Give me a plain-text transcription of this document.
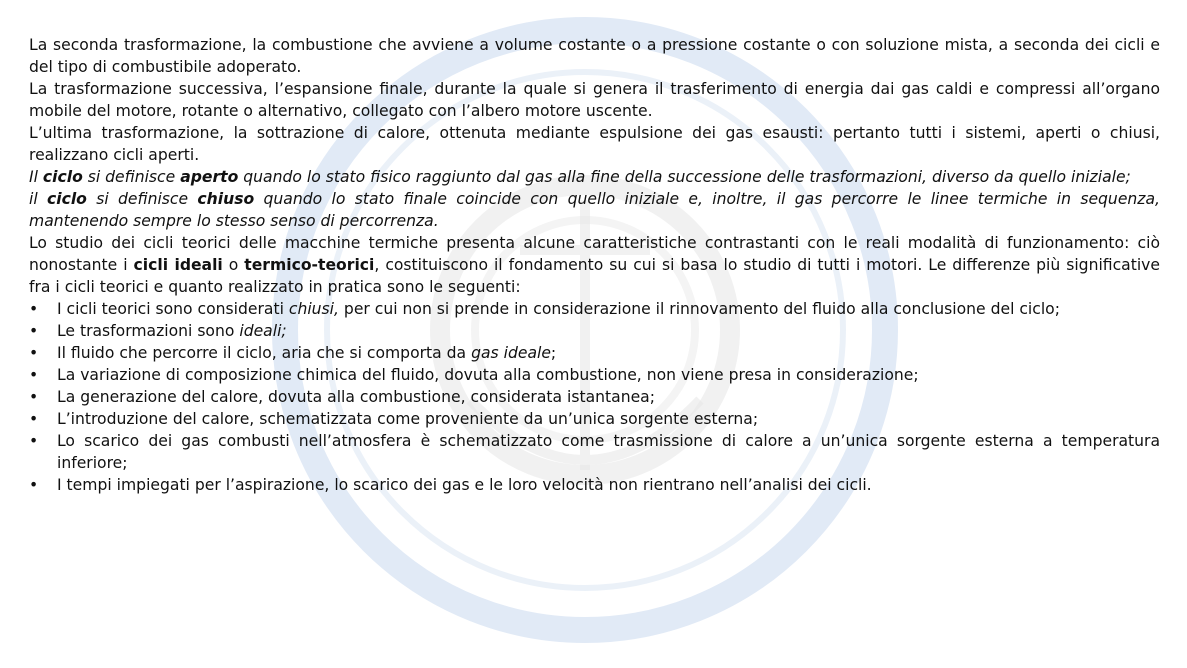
La seconda trasformazione, la combustione che avviene a volume costante o a pressione costante o con soluzione mista, a seconda dei cicli e del tipo di combustibile adoperato.

La trasformazione successiva, l’espansione finale, durante la quale si genera il trasferimento di energia dai gas caldi e compressi all’organo mobile del motore, rotante o alternativo, collegato con l’albero motore uscente.

L’ultima trasformazione, la sottrazione di calore, ottenuta mediante espulsione dei gas esausti: pertanto tutti i sistemi, aperti o chiusi, realizzano cicli aperti.

Il ciclo si definisce aperto quando lo stato fisico raggiunto dal gas alla fine della successione delle trasformazioni, diverso da quello iniziale;

il ciclo si definisce chiuso quando lo stato finale coincide con quello iniziale e, inoltre, il gas percorre le linee termiche in sequenza, mantenendo sempre lo stesso senso di percorrenza.

Lo studio dei cicli teorici delle macchine termiche presenta alcune caratteristiche contrastanti con le reali modalità di funzionamento: ciò nonostante i cicli ideali o termico-teorici, costituiscono il fondamento su cui si basa lo studio di tutti i motori. Le differenze più significative fra i cicli teorici e quanto realizzato in pratica sono le seguenti:

•	I cicli teorici sono considerati chiusi, per cui non si prende in considerazione il rinnovamento del fluido alla conclusione del ciclo;
•	Le trasformazioni sono ideali;
•	Il fluido che percorre il ciclo, aria che si comporta da gas ideale;
•	La variazione di composizione chimica del fluido, dovuta alla combustione, non viene presa in considerazione;
•	La generazione del calore, dovuta alla combustione, considerata istantanea;
•	L’introduzione del calore, schematizzata come proveniente da un’unica sorgente esterna;
•	Lo scarico dei gas combusti nell’atmosfera è schematizzato come trasmissione di calore a un’unica sorgente esterna a temperatura inferiore;
•	I tempi impiegati per l’aspirazione, lo scarico dei gas e le loro velocità non rientrano nell’analisi dei cicli.
